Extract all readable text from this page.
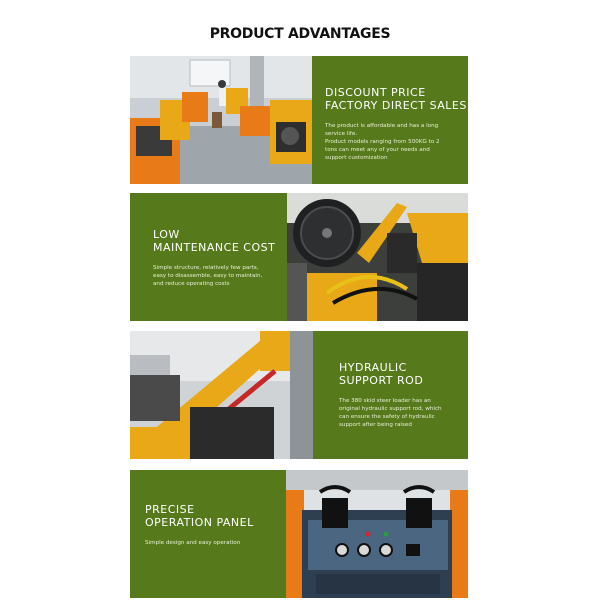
PRODUCT ADVANTAGES
DISCOUNT PRICE
FACTORY DIRECT SALES
The product is affordable and has a long
service life.
Product models ranging from 500KG to 2
tons can meet any of your needs and
support customization
LOW
MAINTENANCE COST
Simple structure, relatively few parts,
easy to disassemble, easy to maintain,
and reduce operating costs
HYDRAULIC
SUPPORT ROD
The 380 skid steer loader has an
original hydraulic support rod, which
can ensure the safety of hydraulic
support after being raised
PRECISE
OPERATION PANEL
Simple design and easy operation
